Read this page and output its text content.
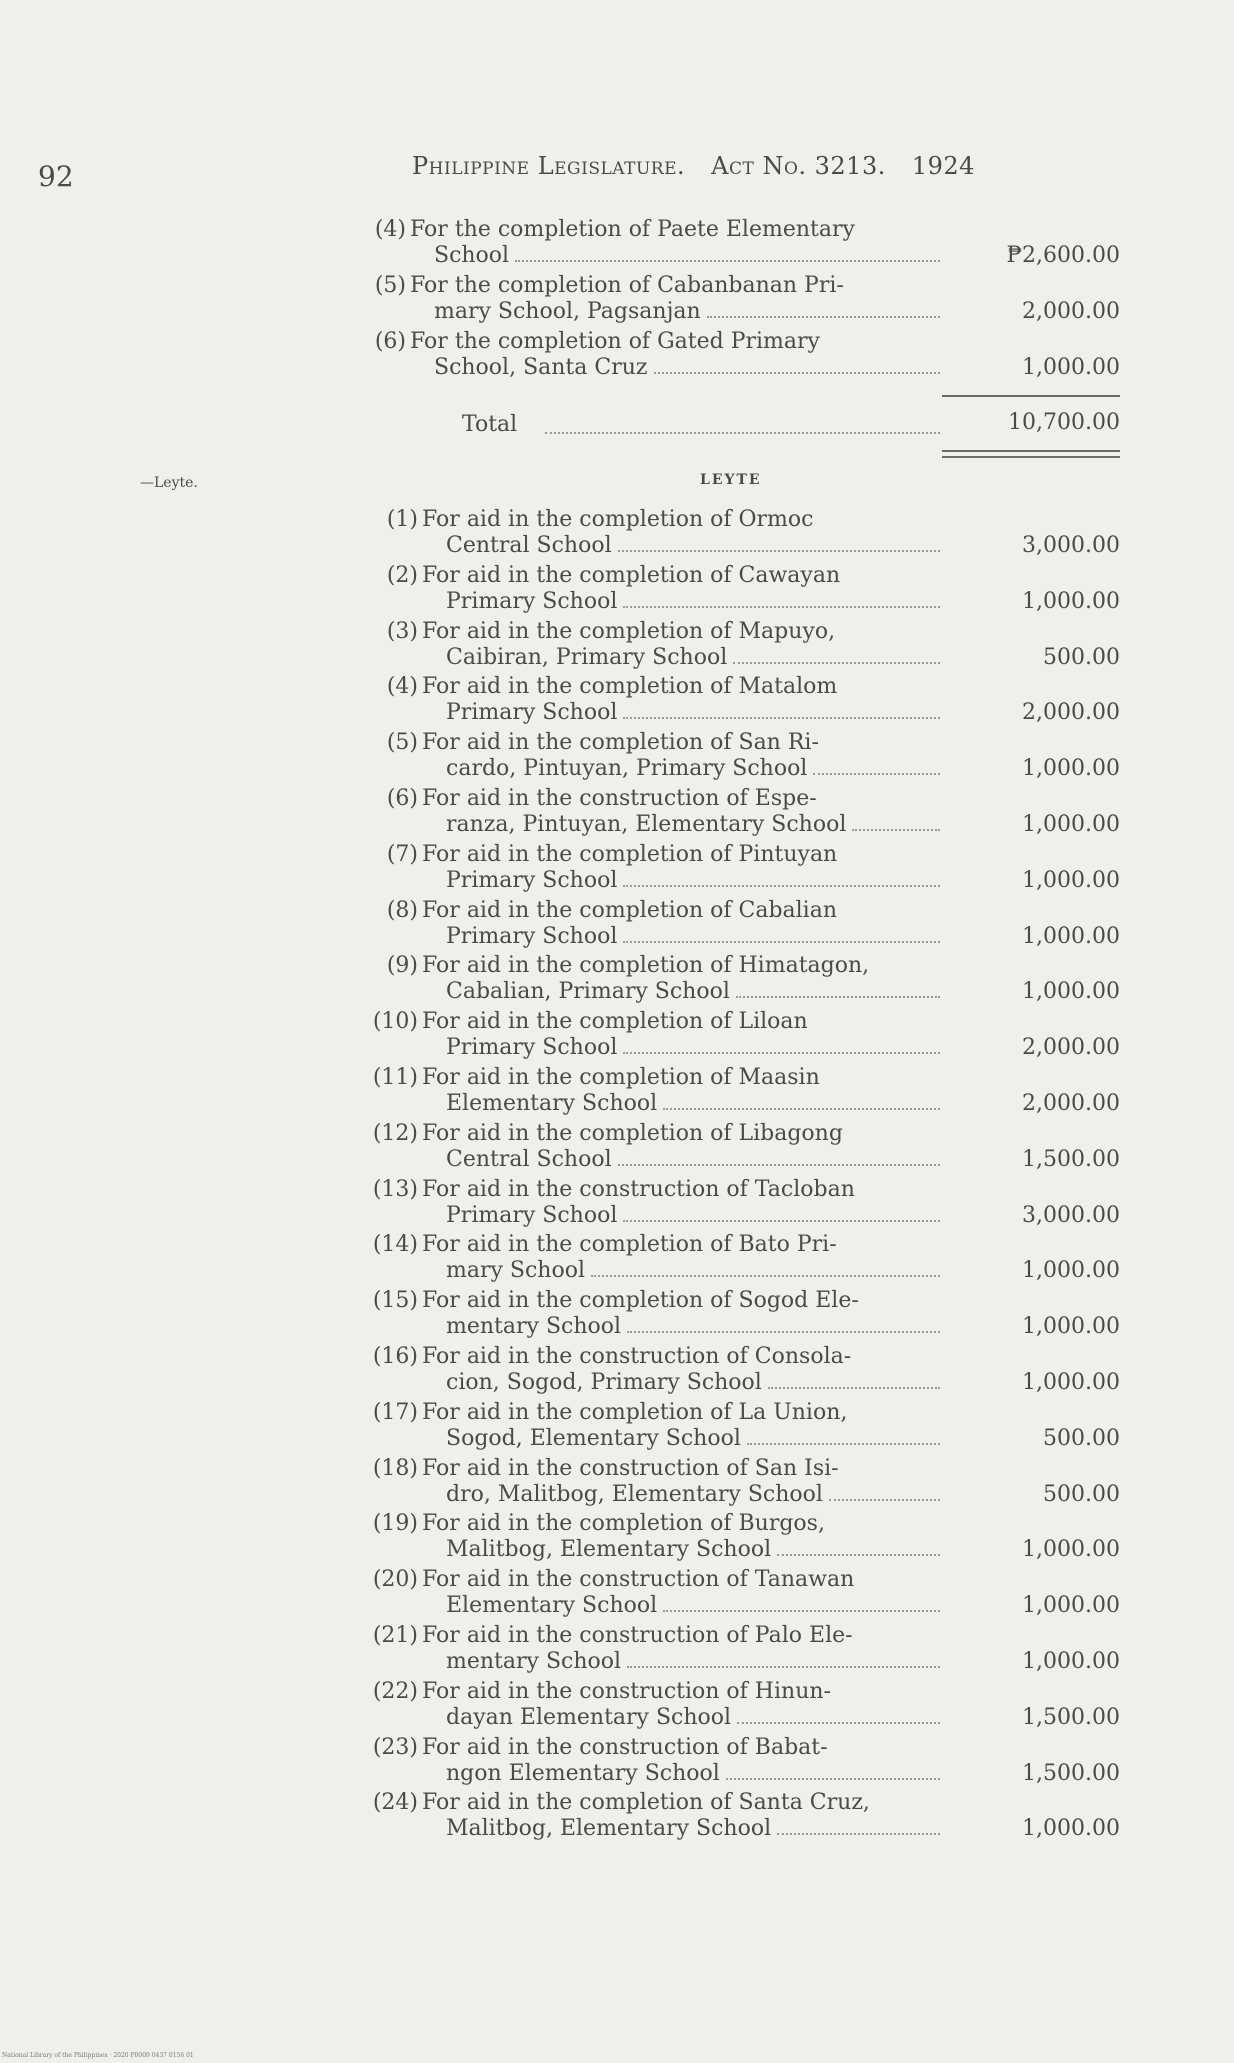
92	Philippine Legislature. Act No. 3213. 1924
(4) For the completion of Paete Elementary
School	₱2,600.00
(5) For the completion of Cabanbanan Pri-
mary School, Pagsanjan	2,000.00
(6) For the completion of Gated Primary
School, Santa Cruz	1,000.00
Total	10,700.00
—Leyte.	LEYTE
(1) For aid in the completion of Ormoc
Central School	3,000.00
(2) For aid in the completion of Cawayan
Primary School	1,000.00
(3) For aid in the completion of Mapuyo,
Caibiran, Primary School	500.00
(4) For aid in the completion of Matalom
Primary School	2,000.00
(5) For aid in the completion of San Ri-
cardo, Pintuyan, Primary School	1,000.00
(6) For aid in the construction of Espe-
ranza, Pintuyan, Elementary School	1,000.00
(7) For aid in the completion of Pintuyan
Primary School	1,000.00
(8) For aid in the completion of Cabalian
Primary School	1,000.00
(9) For aid in the completion of Himatagon,
Cabalian, Primary School	1,000.00
(10) For aid in the completion of Liloan
Primary School	2,000.00
(11) For aid in the completion of Maasin
Elementary School	2,000.00
(12) For aid in the completion of Libagong
Central School	1,500.00
(13) For aid in the construction of Tacloban
Primary School	3,000.00
(14) For aid in the completion of Bato Pri-
mary School	1,000.00
(15) For aid in the completion of Sogod Ele-
mentary School	1,000.00
(16) For aid in the construction of Consola-
cion, Sogod, Primary School	1,000.00
(17) For aid in the completion of La Union,
Sogod, Elementary School	500.00
(18) For aid in the construction of San Isi-
dro, Malitbog, Elementary School	500.00
(19) For aid in the completion of Burgos,
Malitbog, Elementary School	1,000.00
(20) For aid in the construction of Tanawan
Elementary School	1,000.00
(21) For aid in the construction of Palo Ele-
mentary School	1,000.00
(22) For aid in the construction of Hinun-
dayan Elementary School	1,500.00
(23) For aid in the construction of Babat-
ngon Elementary School	1,500.00
(24) For aid in the completion of Santa Cruz,
Malitbog, Elementary School	1,000.00
National Library of the Philippines · 2020 P0009 0437 0156 01
